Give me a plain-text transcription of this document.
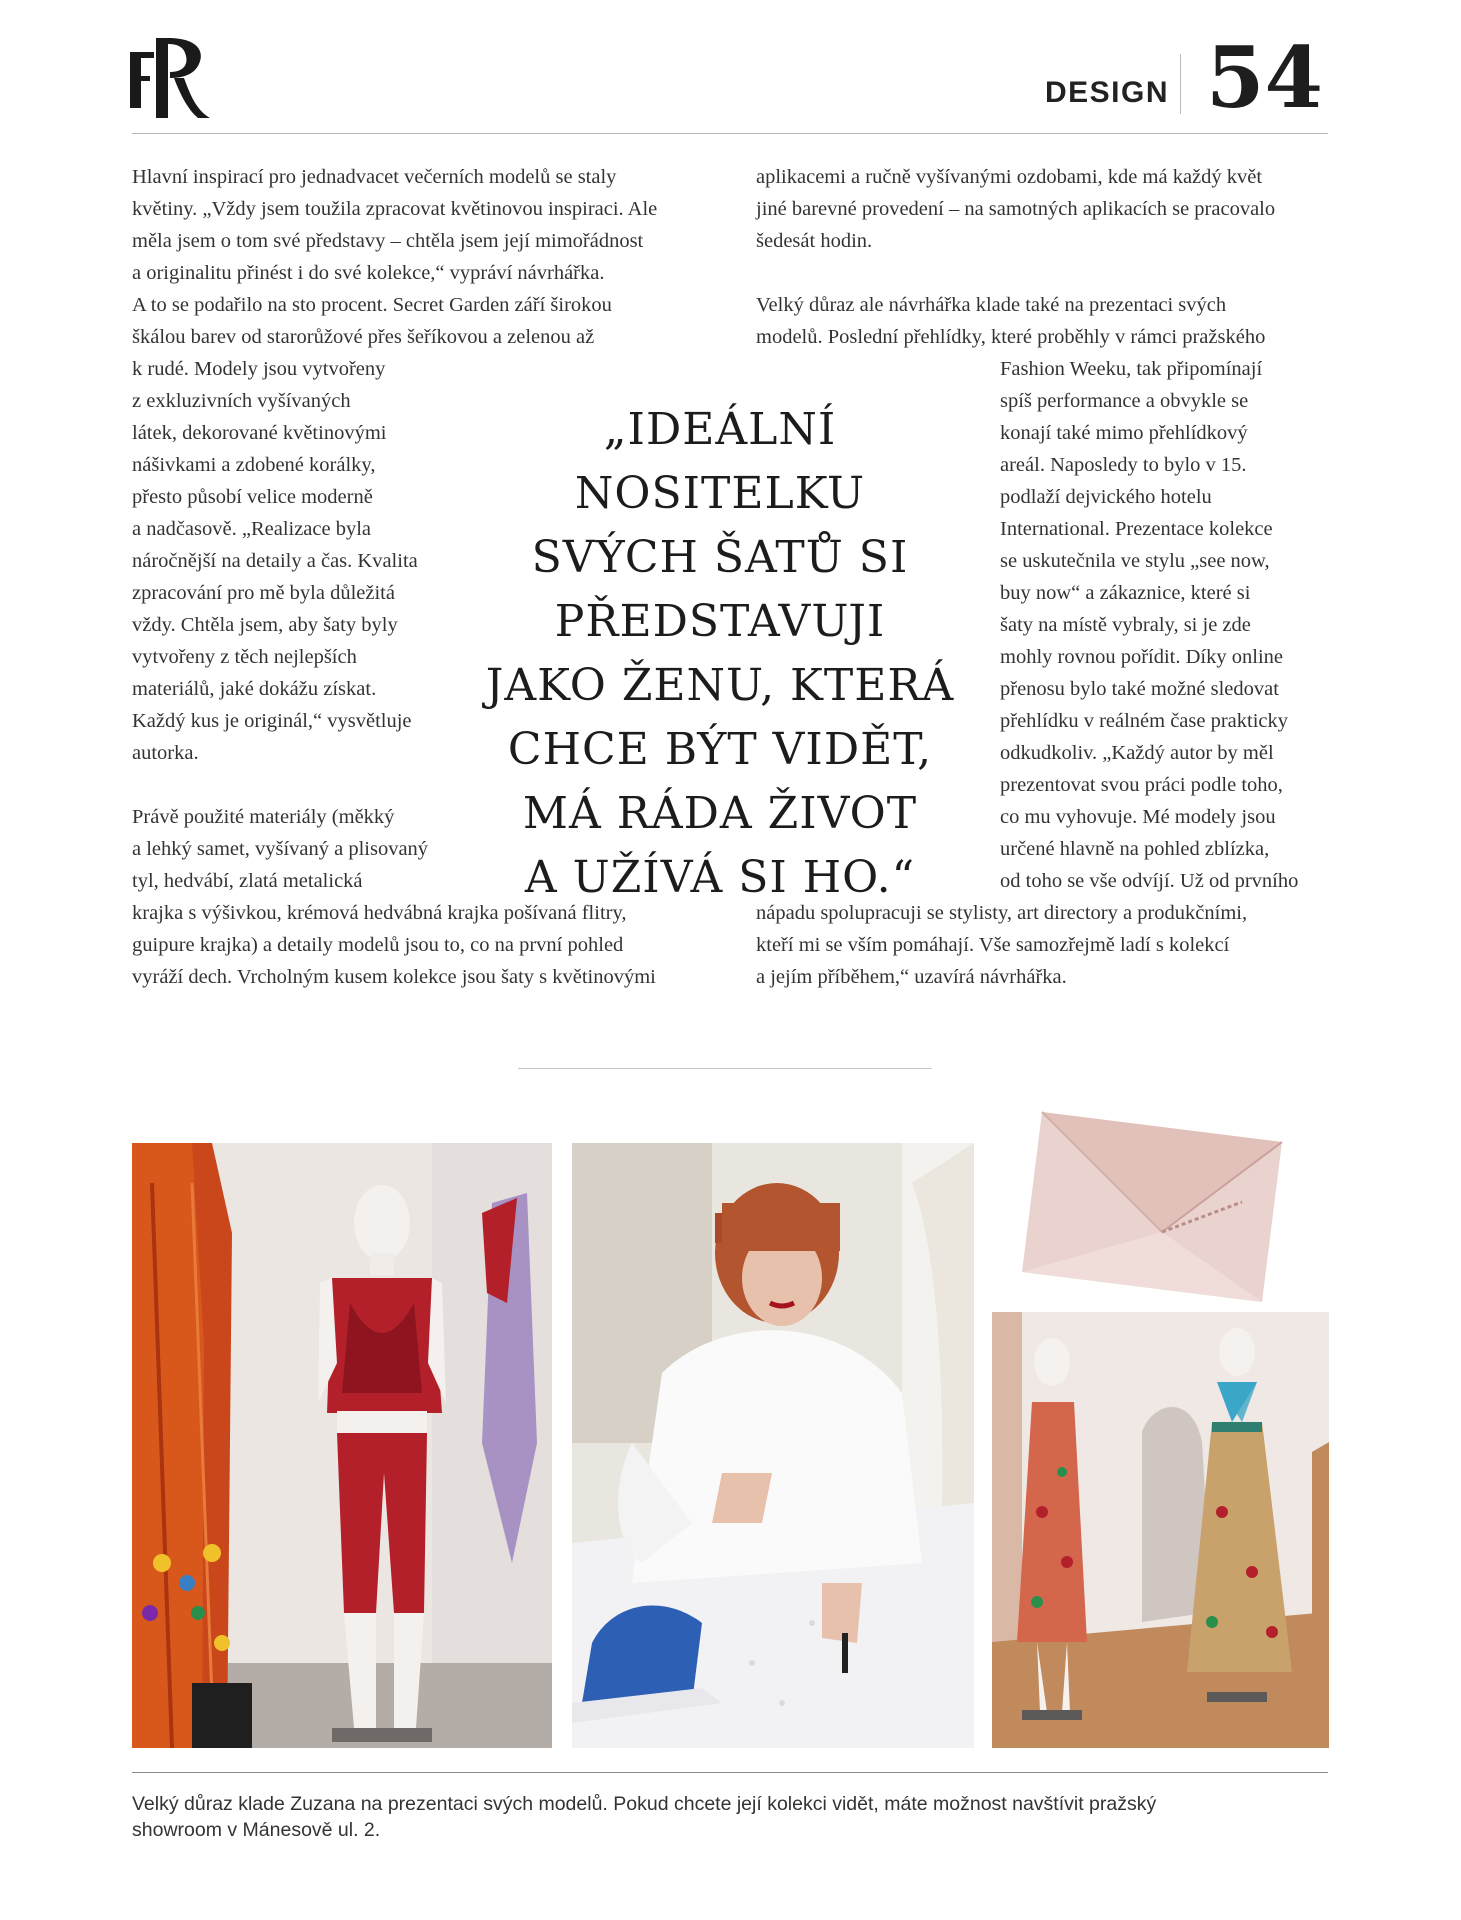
DESIGN 54

Hlavní inspirací pro jednadvacet večerních modelů se staly

květiny. „Vždy jsem toužila zpracovat květinovou inspiraci. Ale

měla jsem o tom své představy – chtěla jsem její mimořádnost

a originalitu přinést i do své kolekce,“ vypráví návrhářka.

A to se podařilo na sto procent. Secret Garden září širokou

škálou barev od starorůžové přes šeříkovou a zelenou až

k rudé. Modely jsou vytvořeny

z exkluzivních vyšívaných

látek, dekorované květinovými

nášivkami a zdobené korálky,

přesto působí velice moderně

a nadčasově. „Realizace byla

náročnější na detaily a čas. Kvalita

zpracování pro mě byla důležitá

vždy. Chtěla jsem, aby šaty byly

vytvořeny z těch nejlepších

materiálů, jaké dokážu získat.

Každý kus je originál,“ vysvětluje

autorka.

Právě použité materiály (měkký

a lehký samet, vyšívaný a plisovaný

tyl, hedvábí, zlatá metalická

krajka s výšivkou, krémová hedvábná krajka pošívaná flitry,

guipure krajka) a detaily modelů jsou to, co na první pohled

vyráží dech. Vrcholným kusem kolekce jsou šaty s květinovými

aplikacemi a ručně vyšívanými ozdobami, kde má každý květ

jiné barevné provedení – na samotných aplikacích se pracovalo

šedesát hodin.

Velký důraz ale návrhářka klade také na prezentaci svých

modelů. Poslední přehlídky, které proběhly v rámci pražského

Fashion Weeku, tak připomínají

spíš performance a obvykle se

konají také mimo přehlídkový

areál. Naposledy to bylo v 15.

podlaží dejvického hotelu

International. Prezentace kolekce

se uskutečnila ve stylu „see now,

buy now“ a zákaznice, které si

šaty na místě vybraly, si je zde

mohly rovnou pořídit. Díky online

přenosu bylo také možné sledovat

přehlídku v reálném čase prakticky

odkudkoliv. „Každý autor by měl

prezentovat svou práci podle toho,

co mu vyhovuje. Mé modely jsou

určené hlavně na pohled zblízka,

od toho se vše odvíjí. Už od prvního

nápadu spolupracuji se stylisty, art directory a produkčními,

kteří mi se vším pomáhají. Vše samozřejmě ladí s kolekcí

a jejím příběhem,“ uzavírá návrhářka.

„IDEÁLNÍ

NOSITELKU

SVÝCH ŠATŮ SI

PŘEDSTAVUJI

JAKO ŽENU, KTERÁ

CHCE BÝT VIDĚT,

MÁ RÁDA ŽIVOT

A UŽÍVÁ SI HO.“

Velký důraz klade Zuzana na prezentaci svých modelů. Pokud chcete její kolekci vidět, máte možnost navštívit pražský

showroom v Mánesově ul. 2.
